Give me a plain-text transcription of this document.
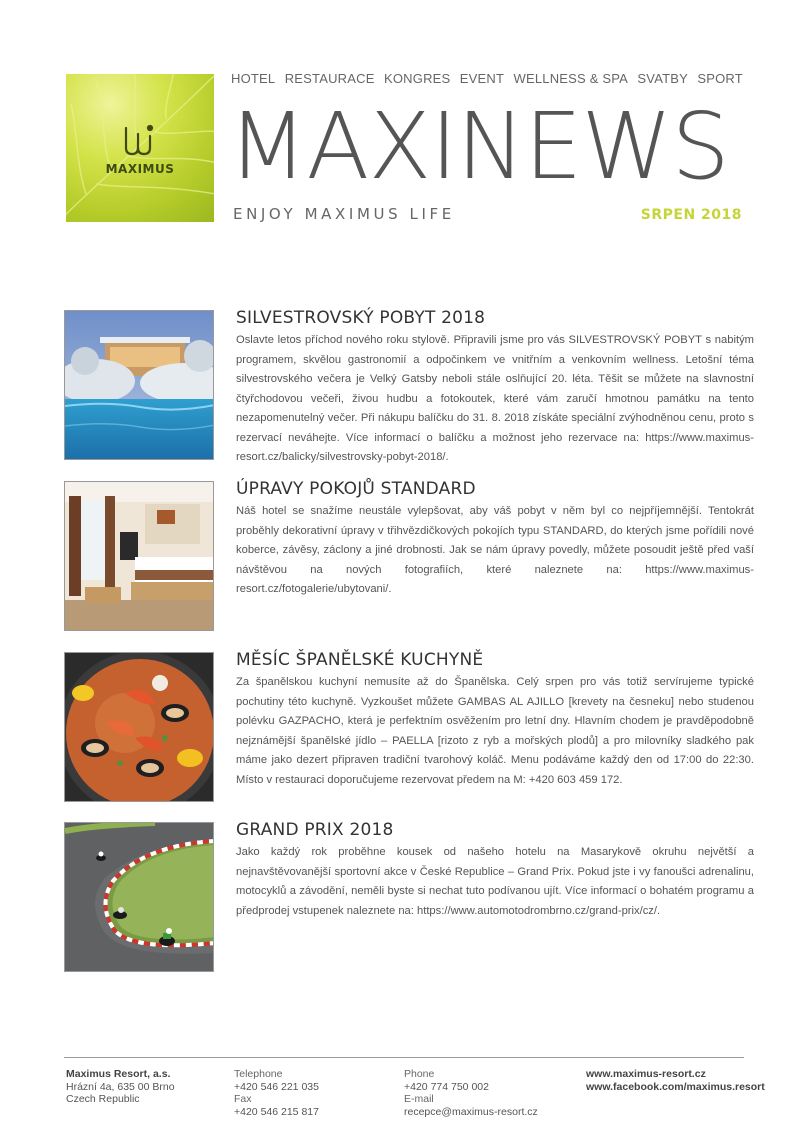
MAXIMUS
HOTEL RESTAURACE KONGRES EVENT WELLNESS & SPA SVATBY SPORT
MAXINEWS
ENJOY MAXIMUS LIFE	SRPEN 2018
SILVESTROVSKÝ POBYT 2018

Oslavte letos příchod nového roku stylově. Připravili jsme pro vás SILVESTROVSKÝ POBYT s nabitým programem, skvělou gastronomií a odpočinkem ve vnitřním a venkovním wellness. Letošní téma silvestrovského večera je Velký Gatsby neboli stále oslňující 20. léta. Těšit se můžete na slavnostní čtyřchodovou večeři, živou hudbu a fotokoutek, které vám zaručí hmotnou památku na tento nezapomenutelný večer. Při nákupu balíčku do 31. 8. 2018 získáte speciální zvýhodněnou cenu, proto s rezervací neváhejte. Více informací o balíčku a možnost jeho rezervace na: https://www.maximus-resort.cz/balicky/silvestrovsky-pobyt-2018/.

ÚPRAVY POKOJŮ STANDARD

Náš hotel se snažíme neustále vylepšovat, aby váš pobyt v něm byl co nejpříjemnější. Tentokrát proběhly dekorativní úpravy v třihvězdičkových pokojích typu STANDARD, do kterých jsme pořídili nové koberce, závěsy, záclony a jiné drobnosti. Jak se nám úpravy povedly, můžete posoudit ještě před vaší návštěvou na nových fotografiích, které naleznete na: https://www.maximus-resort.cz/fotogalerie/ubytovani/.

MĚSÍC ŠPANĚLSKÉ KUCHYNĚ

Za španělskou kuchyní nemusíte až do Španělska. Celý srpen pro vás totiž servírujeme typické pochutiny této kuchyně. Vyzkoušet můžete GAMBAS AL AJILLO [krevety na česneku] nebo studenou polévku GAZPACHO, která je perfektním osvěžením pro letní dny. Hlavním chodem je pravděpodobně nejznámější španělské jídlo – PAELLA [rizoto z ryb a mořských plodů] a pro milovníky sladkého pak máme jako dezert připraven tradiční tvarohový koláč. Menu podáváme každý den od 17:00 do 22:30. Místo v restauraci doporučujeme rezervovat předem na M: +420 603 459 172.

GRAND PRIX 2018

Jako každý rok proběhne kousek od našeho hotelu na Masarykově okruhu největší a nejnavštěvovanější sportovní akce v České Republice – Grand Prix. Pokud jste i vy fanoušci adrenalinu, motocyklů a závodění, neměli byste si nechat tuto podívanou ujít. Více informací o bohatém programu a předprodej vstupenek naleznete na: https://www.automotodrombrno.cz/grand-prix/cz/.

Maximus Resort, a.s.
Hrázní 4a, 635 00 Brno
Czech Republic
Telephone
+420 546 221 035
Fax
+420 546 215 817
Phone
+420 774 750 002
E-mail
recepce@maximus-resort.cz
www.maximus-resort.cz
www.facebook.com/maximus.resort
